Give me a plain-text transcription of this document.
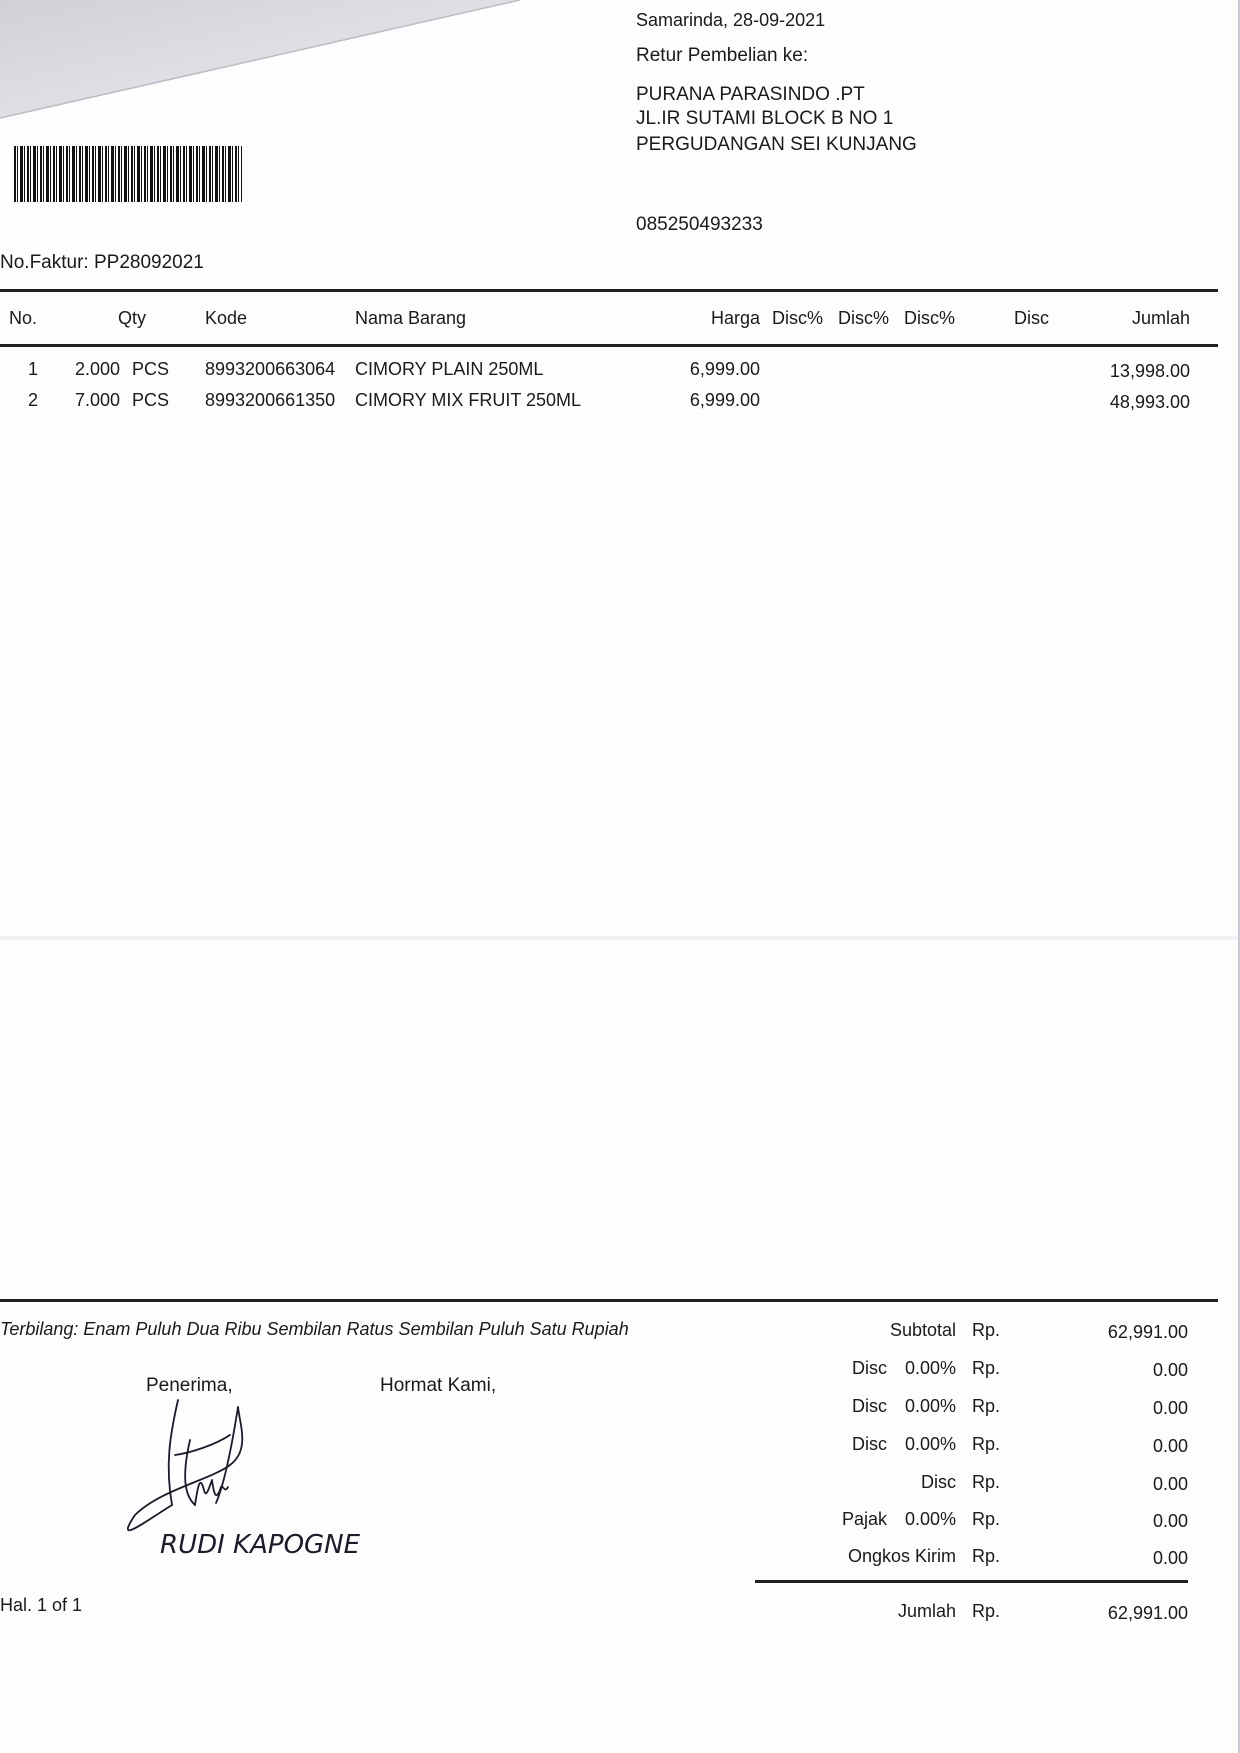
Samarinda, 28-09-2021
Retur Pembelian ke:
PURANA PARASINDO .PT
JL.IR SUTAMI BLOCK B NO 1
PERGUDANGAN SEI KUNJANG
085250493233
No.Faktur: PP28092021
No.	Qty	Kode	Nama Barang	Harga Disc% Disc% Disc%	Disc	Jumlah
1 2.000 PCS 8993200663064 CIMORY PLAIN 250ML	6,999.00	13,998.00
2 7.000 PCS 8993200661350 CIMORY MIX FRUIT 250ML	6,999.00	48,993.00
Terbilang: Enam Puluh Dua Ribu Sembilan Ratus Sembilan Puluh Satu Rupiah
Penerima,	Hormat Kami,
RUDI KAPOGNE
Hal. 1 of 1
Subtotal Rp.	62,991.00
Disc 0.00% Rp.	0.00
Disc 0.00% Rp.	0.00
Disc 0.00% Rp.	0.00
Disc Rp.	0.00
Pajak 0.00% Rp.	0.00
Ongkos Kirim Rp.	0.00
Jumlah Rp.	62,991.00
